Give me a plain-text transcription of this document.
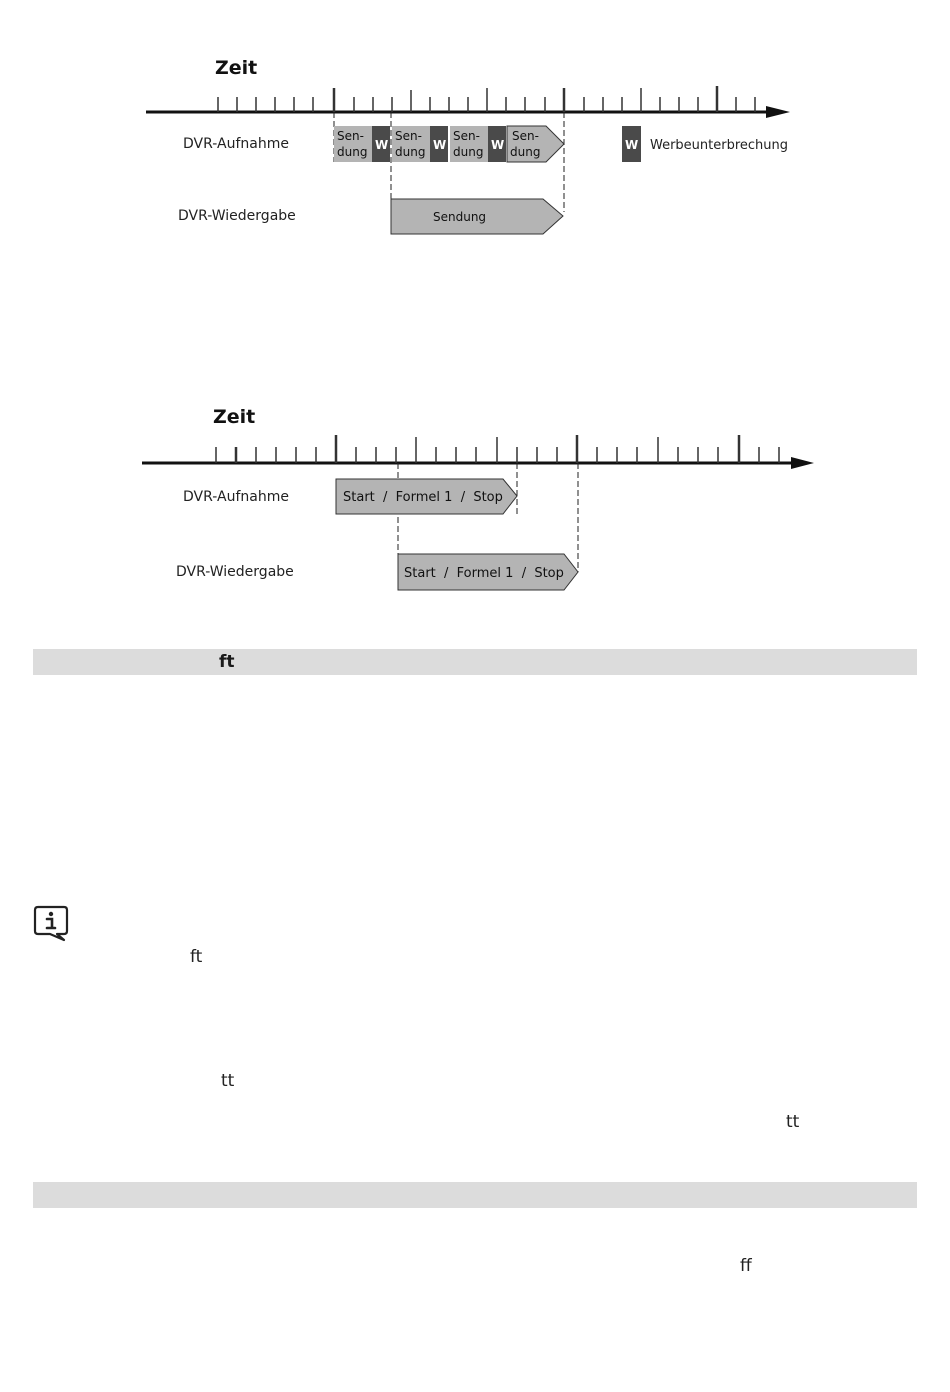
Zeit
DVR-Aufnahme
DVR-Wiedergabe
Sen-
dung W
Sen-
dung W
Sen-
dung W
Sen-
dung	W Werbeunterbrechung
Sendung
Zeit
DVR-Aufnahme
DVR-Wiedergabe
Start  /  Formel 1  /  Stop
Start  /  Formel 1  /  Stop
ft
ft
tt
tt
ff
